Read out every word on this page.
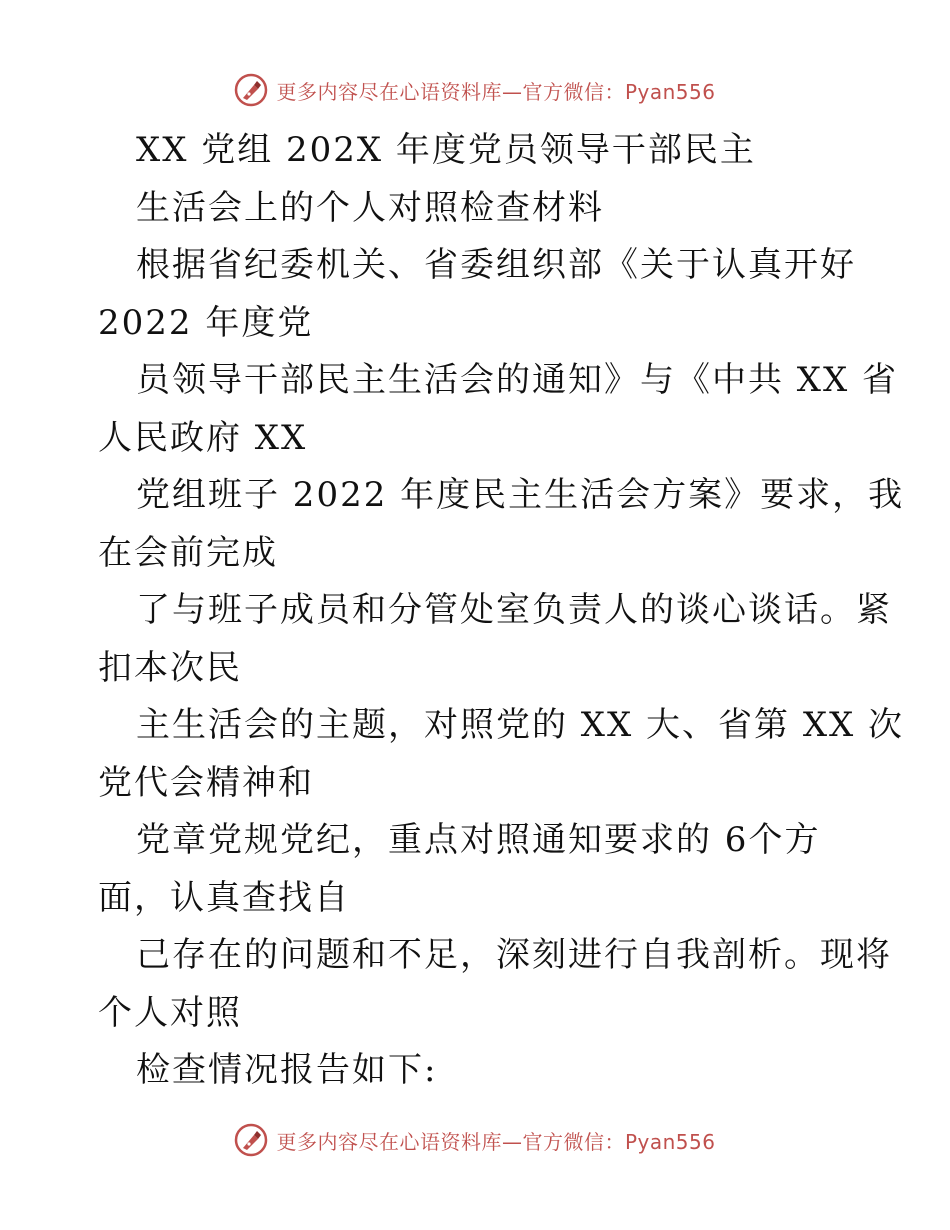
更多内容尽在心语资料库—官方微信：Pyan556
XX 党组 202X 年度党员领导干部民主
生活会上的个人对照检查材料
根据省纪委机关、省委组织部《关于认真开好
2022 年度党
员领导干部民主生活会的通知》与《中共 XX 省
人民政府 XX
党组班子 2022 年度民主生活会方案》要求，我
在会前完成
了与班子成员和分管处室负责人的谈心谈话。紧
扣本次民
主生活会的主题，对照党的 XX 大、省第 XX 次
党代会精神和
党章党规党纪，重点对照通知要求的 6个方
面，认真查找自
己存在的问题和不足，深刻进行自我剖析。现将
个人对照
检查情况报告如下:
更多内容尽在心语资料库—官方微信：Pyan556
